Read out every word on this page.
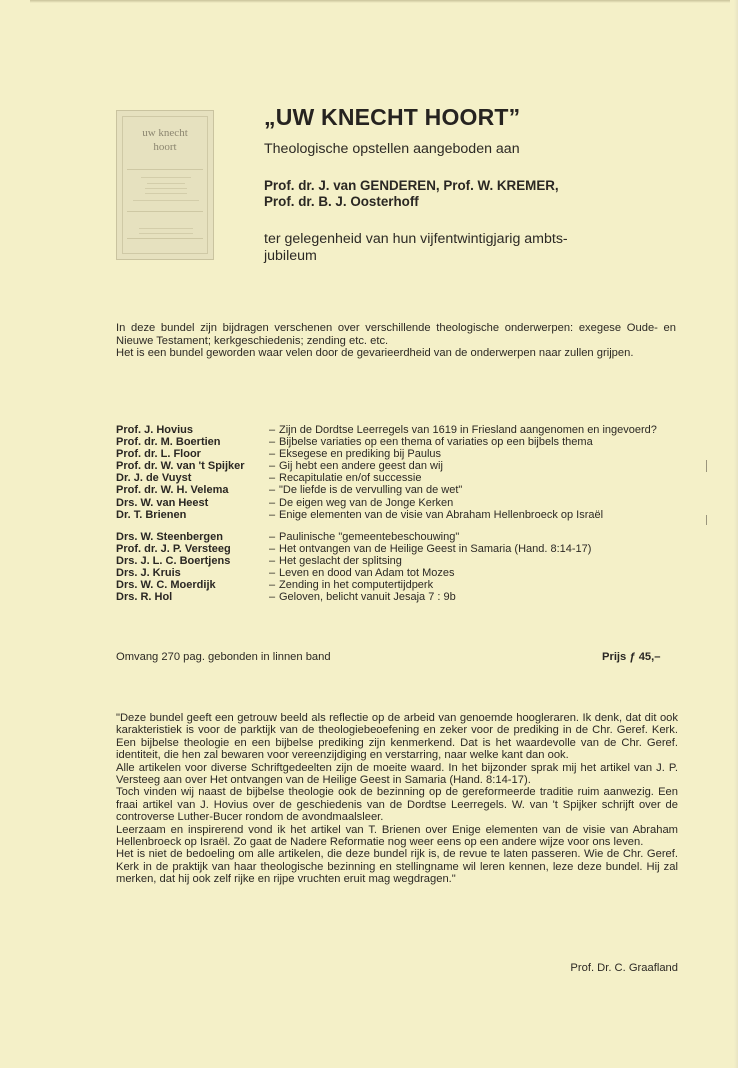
uw knecht
hoort
„UW KNECHT HOORT”
Theologische opstellen aangeboden aan
Prof. dr. J. van GENDEREN, Prof. W. KREMER,
Prof. dr. B. J. Oosterhoff
ter gelegenheid van hun vijfentwintigjarig ambts-
jubileum

In deze bundel zijn bijdragen verschenen over verschillende theologische onderwerpen: exegese Oude- en Nieuwe Testament; kerkgeschiedenis; zending etc. etc.

Het is een bundel geworden waar velen door de gevarieerdheid van de onderwerpen naar zullen grijpen.

Prof. J. Hovius	– Zijn de Dordtse Leerregels van 1619 in Friesland aangenomen en ingevoerd?
Prof. dr. M. Boertien	– Bijbelse variaties op een thema of variaties op een bijbels thema
Prof. dr. L. Floor	– Eksegese en prediking bij Paulus
Prof. dr. W. van 't Spijker	– Gij hebt een andere geest dan wij
Dr. J. de Vuyst	– Recapitulatie en/of successie
Prof. dr. W. H. Velema	– "De liefde is de vervulling van de wet"
Drs. W. van Heest	– De eigen weg van de Jonge Kerken
Dr. T. Brienen	– Enige elementen van de visie van Abraham Hellenbroeck op Israël
Drs. W. Steenbergen	– Paulinische "gemeentebeschouwing"
Prof. dr. J. P. Versteeg	– Het ontvangen van de Heilige Geest in Samaria (Hand. 8:14-17)
Drs. J. L. C. Boertjens	– Het geslacht der splitsing
Drs. J. Kruis	– Leven en dood van Adam tot Mozes
Drs. W. C. Moerdijk	– Zending in het computertijdperk
Drs. R. Hol	– Geloven, belicht vanuit Jesaja 7 : 9b
Omvang 270 pag. gebonden in linnen band	Prijs ƒ 45,–

"Deze bundel geeft een getrouw beeld als reflectie op de arbeid van genoemde hoogleraren. Ik denk, dat dit ook karakteristiek is voor de parktijk van de theologiebeoefening en zeker voor de prediking in de Chr. Geref. Kerk. Een bijbelse theologie en een bijbelse prediking zijn kenmerkend. Dat is het waardevolle van de Chr. Geref. identiteit, die hen zal bewaren voor vereenzijdiging en verstarring, naar welke kant dan ook.

Alle artikelen voor diverse Schriftgedeelten zijn de moeite waard. In het bijzonder sprak mij het artikel van J. P. Versteeg aan over Het ontvangen van de Heilige Geest in Samaria (Hand. 8:14-17).

Toch vinden wij naast de bijbelse theologie ook de bezinning op de gereformeerde traditie ruim aanwezig. Een fraai artikel van J. Hovius over de geschiedenis van de Dordtse Leerregels. W. van 't Spijker schrijft over de controverse Luther-Bucer rondom de avondmaalsleer.

Leerzaam en inspirerend vond ik het artikel van T. Brienen over Enige elementen van de visie van Abraham Hellenbroeck op Israël. Zo gaat de Nadere Reformatie nog weer eens op een andere wijze voor ons leven.

Het is niet de bedoeling om alle artikelen, die deze bundel rijk is, de revue te laten passeren. Wie de Chr. Geref. Kerk in de praktijk van haar theologische bezinning en stellingname wil leren kennen, leze deze bundel. Hij zal merken, dat hij ook zelf rijke en rijpe vruchten eruit mag wegdragen."

Prof. Dr. C. Graafland
